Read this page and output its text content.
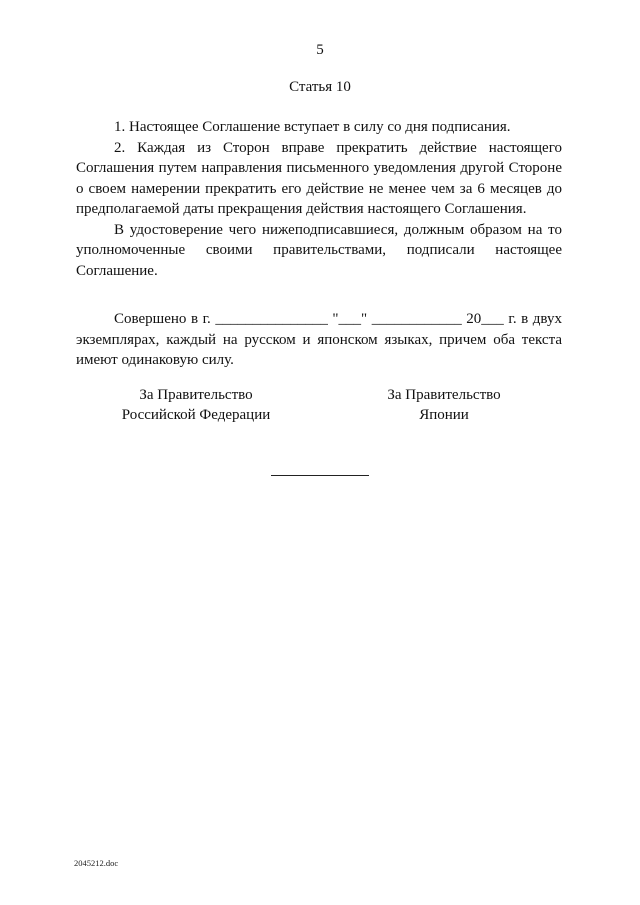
5
Статья 10

1. Настоящее Соглашение вступает в силу со дня подписания.

2. Каждая из Сторон вправе прекратить действие настоящего Соглашения путем направления письменного уведомления другой Стороне о своем намерении прекратить его действие не менее чем за 6 месяцев до предполагаемой даты прекращения действия настоящего Соглашения.

В удостоверение чего нижеподписавшиеся, должным образом на то уполномоченные своими правительствами, подписали настоящее Соглашение.

Совершено в г. _______________ "___" ____________ 20___ г. в двух экземплярах, каждый на русском и японском языках, причем оба текста имеют одинаковую силу.

За Правительство
Российской Федерации
За Правительство
Японии
2045212.doc
